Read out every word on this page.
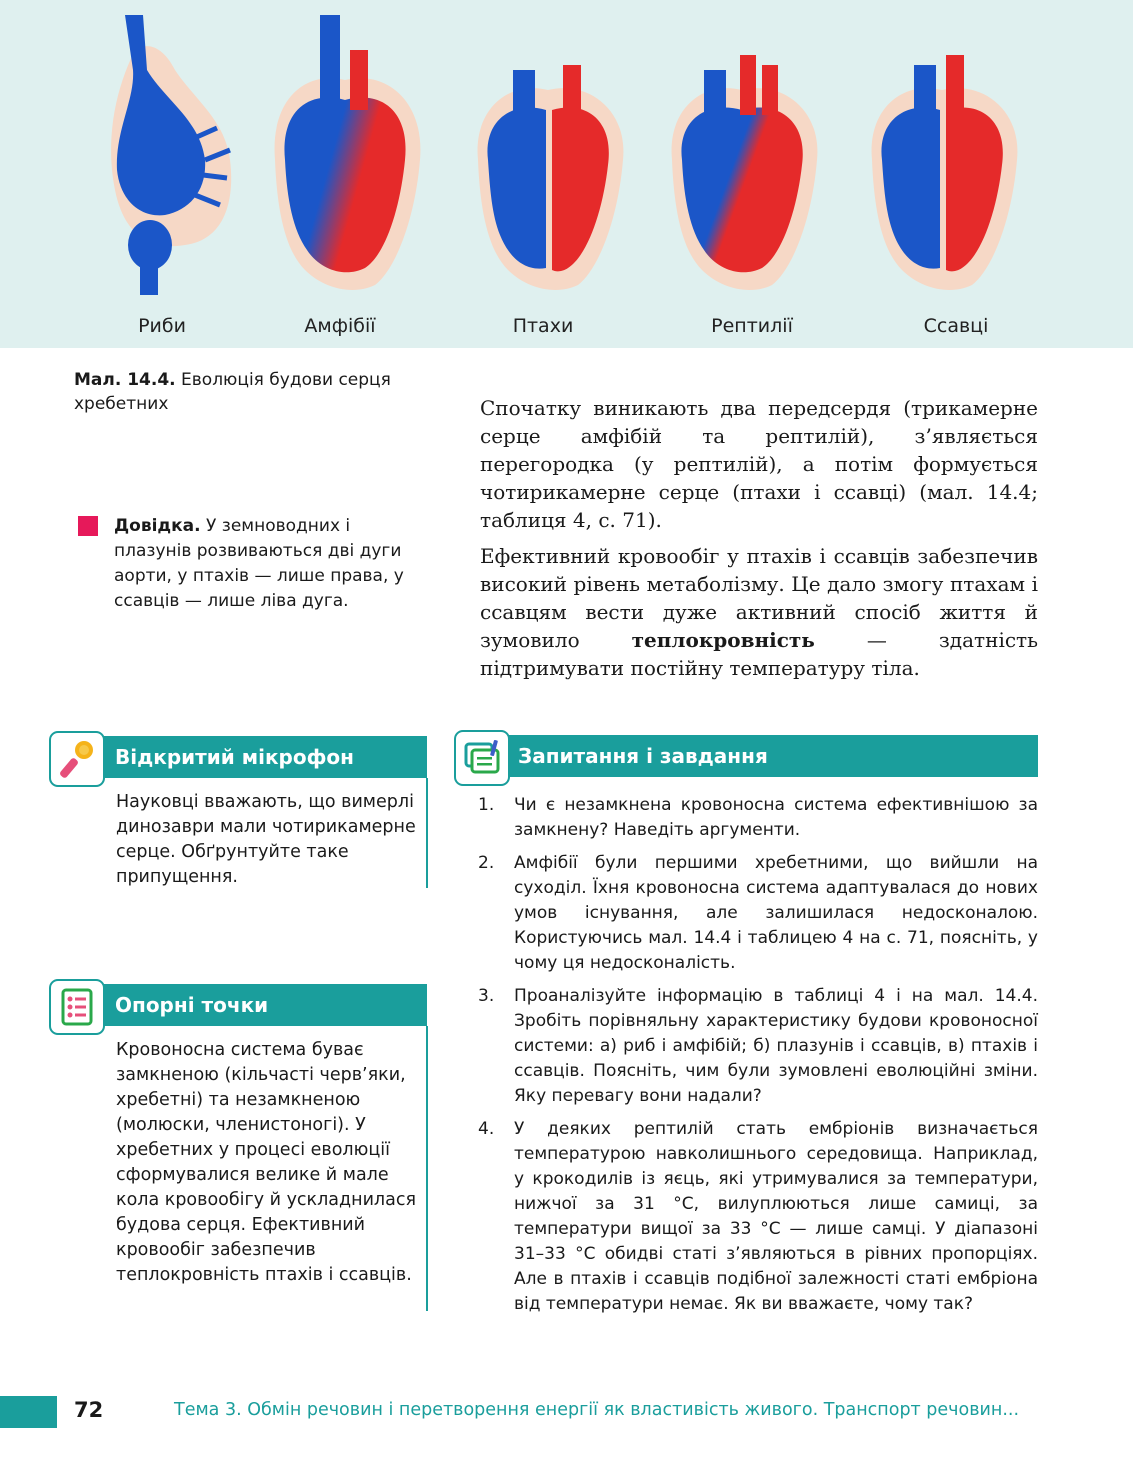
Риби	Амфібії	Птахи	Рептилії	Ссавці
Мал. 14.4. Еволюція будови серця хребетних
Довідка. У земноводних і плазунів розвиваються дві дуги аорти, у птахів — лише права, у ссавців — лише ліва дуга.

Спочатку виникають два передсердя (трикамерне серце амфібій та рептилій), з’являється перегородка (у рептилій), а потім формується чотирикамерне серце (птахи і ссавці) (мал. 14.4; таблиця 4, с. 71).

Ефективний кровообіг у птахів і ссавців забезпечив високий рівень метаболізму. Це дало змогу птахам і ссавцям вести дуже активний спосіб життя й зумовило теплокровність — здатність підтримувати постійну температуру тіла.

Відкритий мікрофон
Науковці вважають, що вимерлі динозаври мали чотирикамерне серце. Обґрунтуйте таке припущення.
Опорні точки
Кровоносна система буває замкненою (кільчасті черв’яки, хребетні) та незамкненою (молюски, членистоногі). У хребетних у процесі еволюції сформувалися велике й мале кола кровообігу й ускладнилася будова серця. Ефективний кровообіг забезпечив теплокровність птахів і ссавців.
Запитання і завдання
1. Чи є незамкнена кровоносна система ефективнішою за замкнену? Наведіть аргументи.
2. Амфібії були першими хребетними, що вийшли на суходіл. Їхня кровоносна система адаптувалася до нових умов існування, але залишилася недосконалою. Користуючись мал. 14.4 і таблицею 4 на с. 71, поясніть, у чому ця недосконалість.
3. Проаналізуйте інформацію в таблиці 4 і на мал. 14.4. Зробіть порівняльну характеристику будови кровоносної системи: а) риб і амфібій; б) плазунів і ссавців, в) птахів і ссавців. Поясніть, чим були зумовлені еволюційні зміни. Яку перевагу вони надали?
4. У деяких рептилій стать ембріонів визначається температурою навколишнього середовища. Наприклад, у крокодилів із яєць, які утримувалися за температури, нижчої за 31 °С, вилуплюються лише самиці, за температури вищої за 33 °С — лише самці. У діапазоні 31–33 °С обидві статі з’являються в рівних пропорціях. Але в птахів і ссавців подібної залежності статі ембріона від температури немає. Як ви вважаєте, чому так?
72	Тема 3. Обмін речовин і перетворення енергії як властивість живого. Транспорт речовин...
